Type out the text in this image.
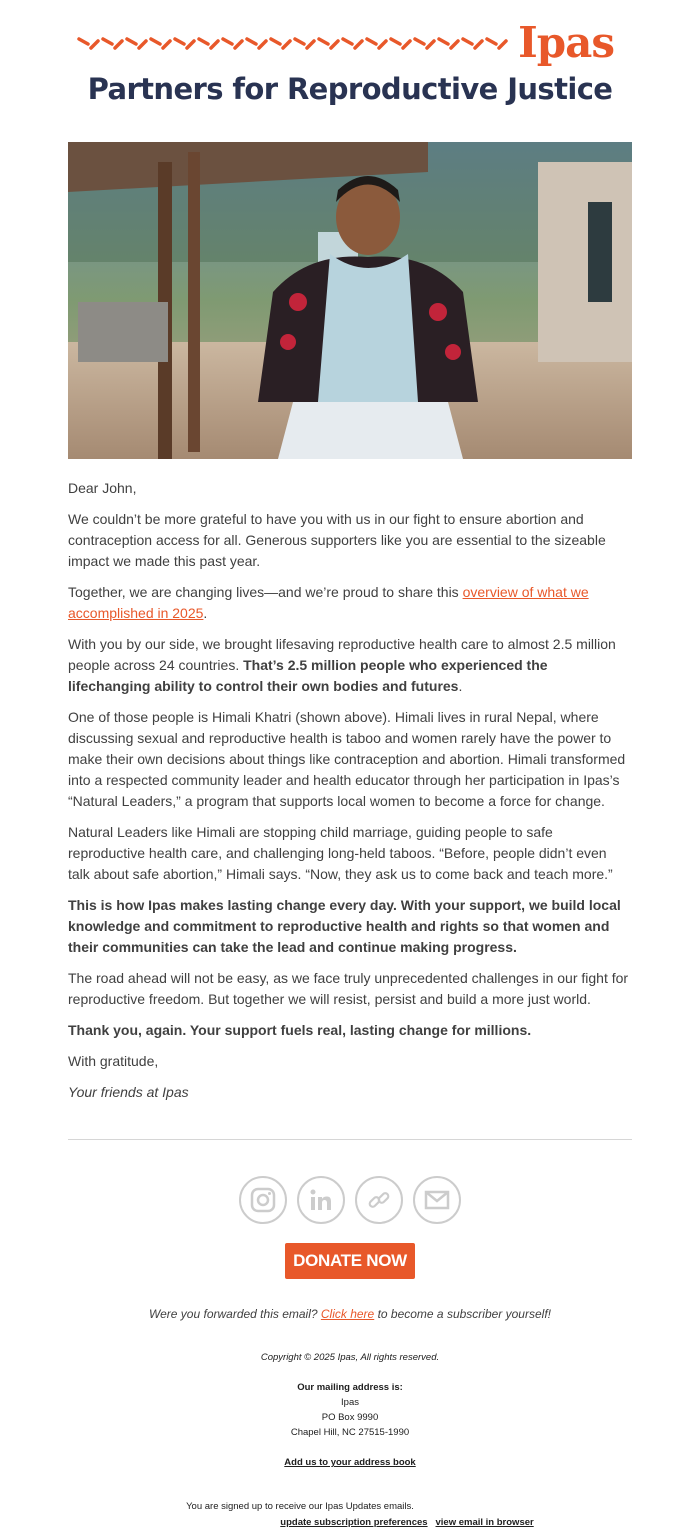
Ipas
Partners for Reproductive Justice

Dear John,

We couldn’t be more grateful to have you with us in our fight to ensure abortion and contraception access for all. Generous supporters like you are essential to the sizeable impact we made this past year.

Together, we are changing lives—and we’re proud to share this overview of what we accomplished in 2025.

With you by our side, we brought lifesaving reproductive health care to almost 2.5 million people across 24 countries. That’s 2.5 million people who experienced the lifechanging ability to control their own bodies and futures.

One of those people is Himali Khatri (shown above). Himali lives in rural Nepal, where discussing sexual and reproductive health is taboo and women rarely have the power to make their own decisions about things like contraception and abortion. Himali transformed into a respected community leader and health educator through her participation in Ipas’s “Natural Leaders,” a program that supports local women to become a force for change.

Natural Leaders like Himali are stopping child marriage, guiding people to safe reproductive health care, and challenging long-held taboos. “Before, people didn’t even talk about safe abortion,” Himali says. “Now, they ask us to come back and teach more.”

This is how Ipas makes lasting change every day. With your support, we build local knowledge and commitment to reproductive health and rights so that women and their communities can take the lead and continue making progress.

The road ahead will not be easy, as we face truly unprecedented challenges in our fight for reproductive freedom. But together we will resist, persist and build a more just world.

Thank you, again. Your support fuels real, lasting change for millions.

With gratitude,

Your friends at Ipas

DONATE NOW
Were you forwarded this email? Click here to become a subscriber yourself!
Copyright © 2025 Ipas, All rights reserved.
Our mailing address is:
Ipas
PO Box 9990
Chapel Hill, NC 27515-1990
Add us to your address book
You are signed up to receive our Ipas Updates emails.
update subscription preferences view email in browser
